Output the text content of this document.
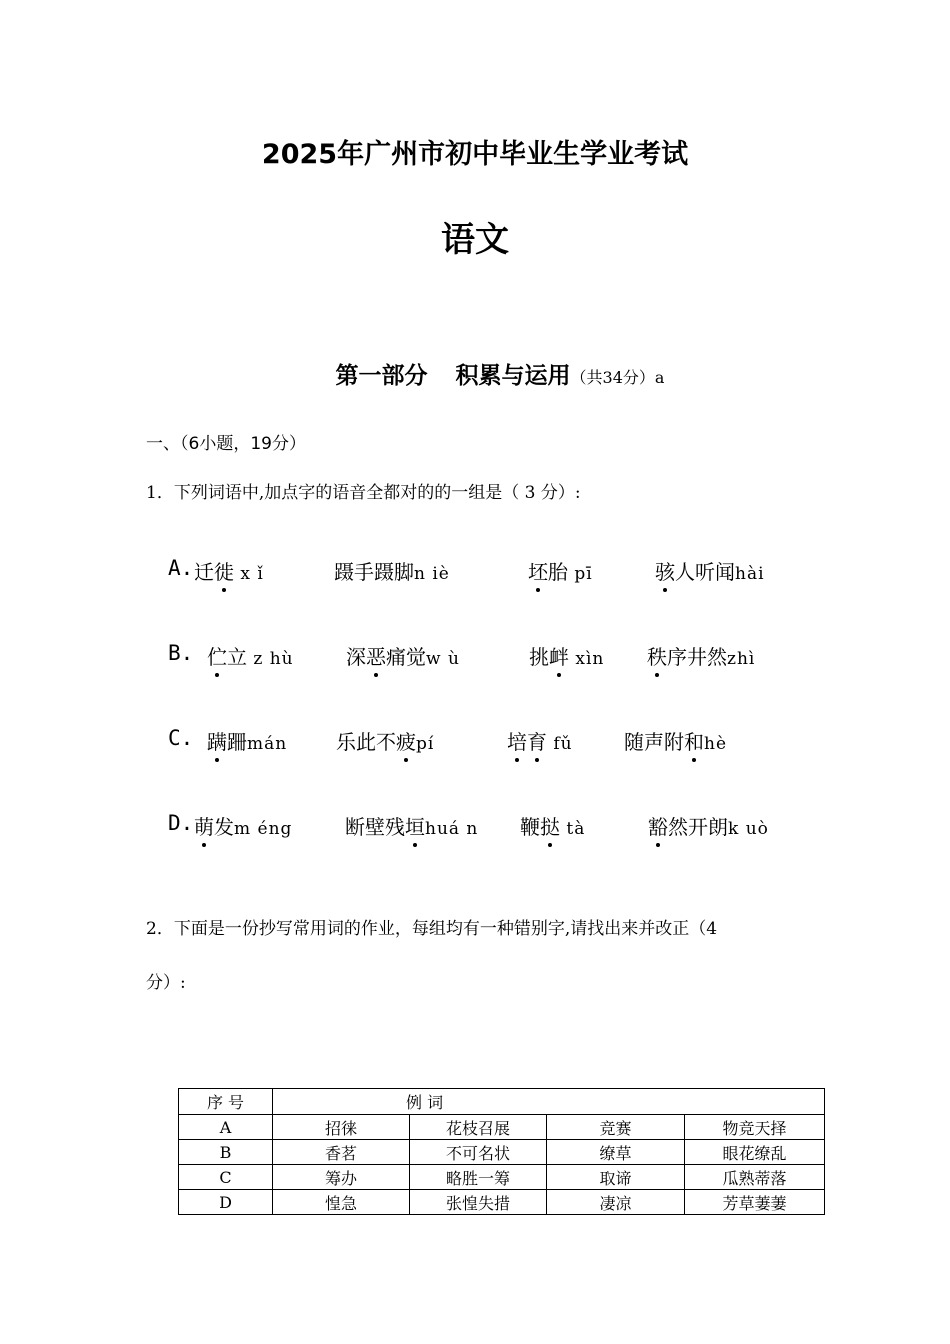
2025年广州市初中毕业生学业考试
语文
第一部分 积累与运用（共34分）a
一、（6小题，19分）
1．下列词语中,加点字的语音全都对的的一组是（ 3 分）:
A. 迁徙 x ǐ	蹑手蹑脚n iè	坯胎 pī	骇人听闻hài
B. 伫立 z hù	深恶痛觉w ù	挑衅 xìn 秩序井然zhì
C. 蹒跚mán 乐此不疲pí	培育 fǔ	随声附和hè
D. 萌发m éng	断壁残垣huá n 鞭挞 tà	豁然开朗k uò
2．下面是一份抄写常用词的作业，每组均有一种错别字,请找出来并改正（4
分）:
序 号	例 词			
A	招徕	花枝召展	竞赛	物竞天择
B	香茗	不可名状	缭草	眼花缭乱
C	筹办	略胜一筹	取谛	瓜熟蒂落
D	惶急	张惶失措	凄凉	芳草萋萋
